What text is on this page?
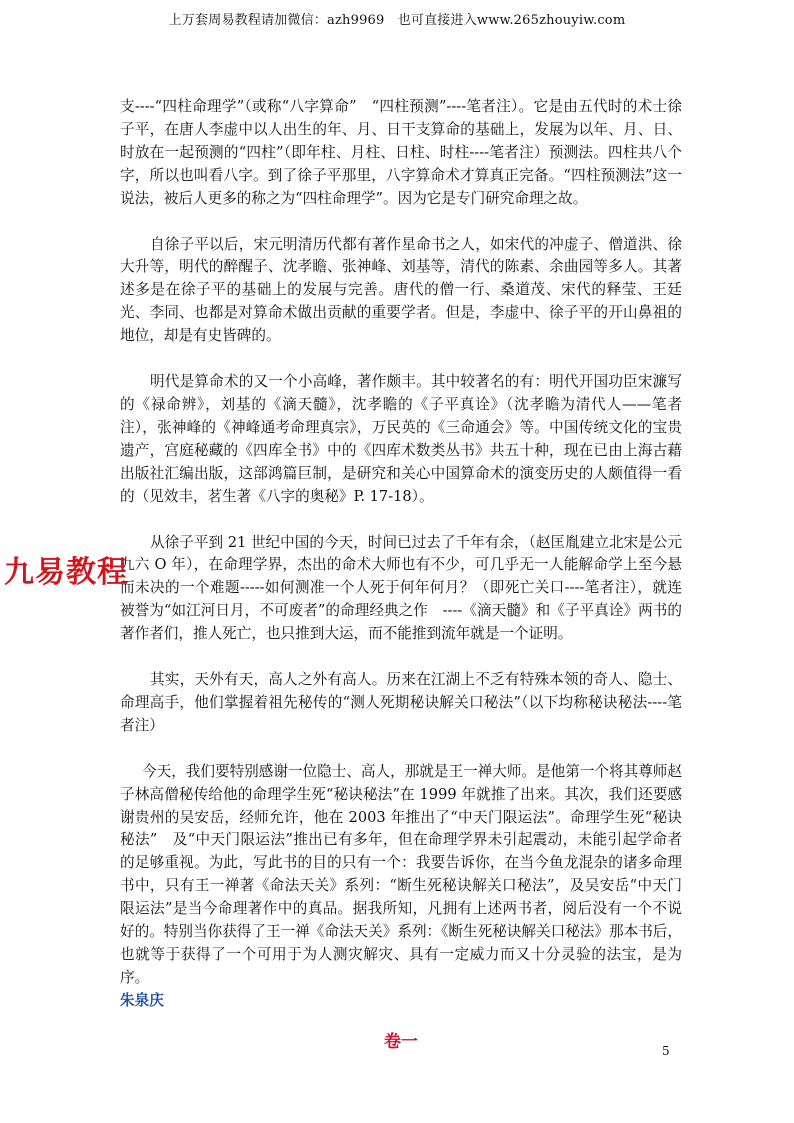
上万套周易教程请加微信：azh9969　也可直接进入www.265zhouyiw.com

支----“四柱命理学”（或称“八字算命”　“四柱预测”----笔者注）。它是由五代时的术士徐子平，在唐人李虚中以人出生的年、月、日干支算命的基础上，发展为以年、月、日、时放在一起预测的“四柱”（即年柱、月柱、日柱、时柱----笔者注）预测法。四柱共八个字，所以也叫看八字。到了徐子平那里，八字算命术才算真正完备。“四柱预测法”这一说法，被后人更多的称之为“四柱命理学”。因为它是专门研究命理之故。

自徐子平以后，宋元明清历代都有著作星命书之人，如宋代的冲虚子、僧道洪、徐大升等，明代的醉醒子、沈孝瞻、张神峰、刘基等，清代的陈素、余曲园等多人。其著述多是在徐子平的基础上的发展与完善。唐代的僧一行、桑道茂、宋代的释莹、王廷光、李同、也都是对算命术做出贡献的重要学者。但是，李虚中、徐子平的开山鼻祖的地位，却是有史皆碑的。

明代是算命术的又一个小高峰，著作颇丰。其中较著名的有：明代开国功臣宋濂写的《禄命辨》，刘基的《滴天髓》，沈孝瞻的《子平真诠》（沈孝瞻为清代人——笔者注），张神峰的《神峰通考命理真宗》，万民英的《三命通会》等。中国传统文化的宝贵遗产，宫庭秘藏的《四库全书》中的《四库术数类丛书》共五十种，现在已由上海古藉出版社汇编出版，这部鸿篇巨制，是研究和关心中国算命术的演变历史的人颇值得一看的（见效丰，茗生著《八字的奥秘》P. 17-18）。

从徐子平到 21 世纪中国的今天，时间已过去了千年有余，（赵匡胤建立北宋是公元九六 O 年），在命理学界，杰出的命术大师也有不少，可几乎无一人能解命学上至今悬而未决的一个难题-----如何测准一个人死于何年何月？（即死亡关口----笔者注），就连被誉为“如江河日月，不可废者”的命理经典之作　----《滴天髓》和《子平真诠》两书的著作者们，推人死亡，也只推到大运，而不能推到流年就是一个证明。

其实，天外有天，高人之外有高人。历来在江湖上不乏有特殊本领的奇人、隐士、命理高手，他们掌握着祖先秘传的“测人死期秘诀解关口秘法”（以下均称秘诀秘法----笔者注）

今天，我们要特别感谢一位隐士、高人，那就是王一禅大师。是他第一个将其尊师赵子林高僧秘传给他的命理学生死“秘诀秘法”在 1999 年就推了出来。其次，我们还要感谢贵州的吴安岳，经师允许，他在 2003 年推出了“中天门限运法”。命理学生死“秘诀秘法”　及“中天门限运法”推出已有多年，但在命理学界未引起震动，未能引起学命者的足够重视。为此，写此书的目的只有一个：我要告诉你，在当今鱼龙混杂的诸多命理书中，只有王一禅著《命法天关》系列：“断生死秘诀解关口秘法”，及吴安岳“中天门限运法”是当今命理著作中的真品。据我所知，凡拥有上述两书者，阅后没有一个不说好的。特别当你获得了王一禅《命法天关》系列：《断生死秘诀解关口秘法》那本书后，也就等于获得了一个可用于为人测灾解灾、具有一定威力而又十分灵验的法宝，是为序。

朱泉庆
卷一
九易教程
5
